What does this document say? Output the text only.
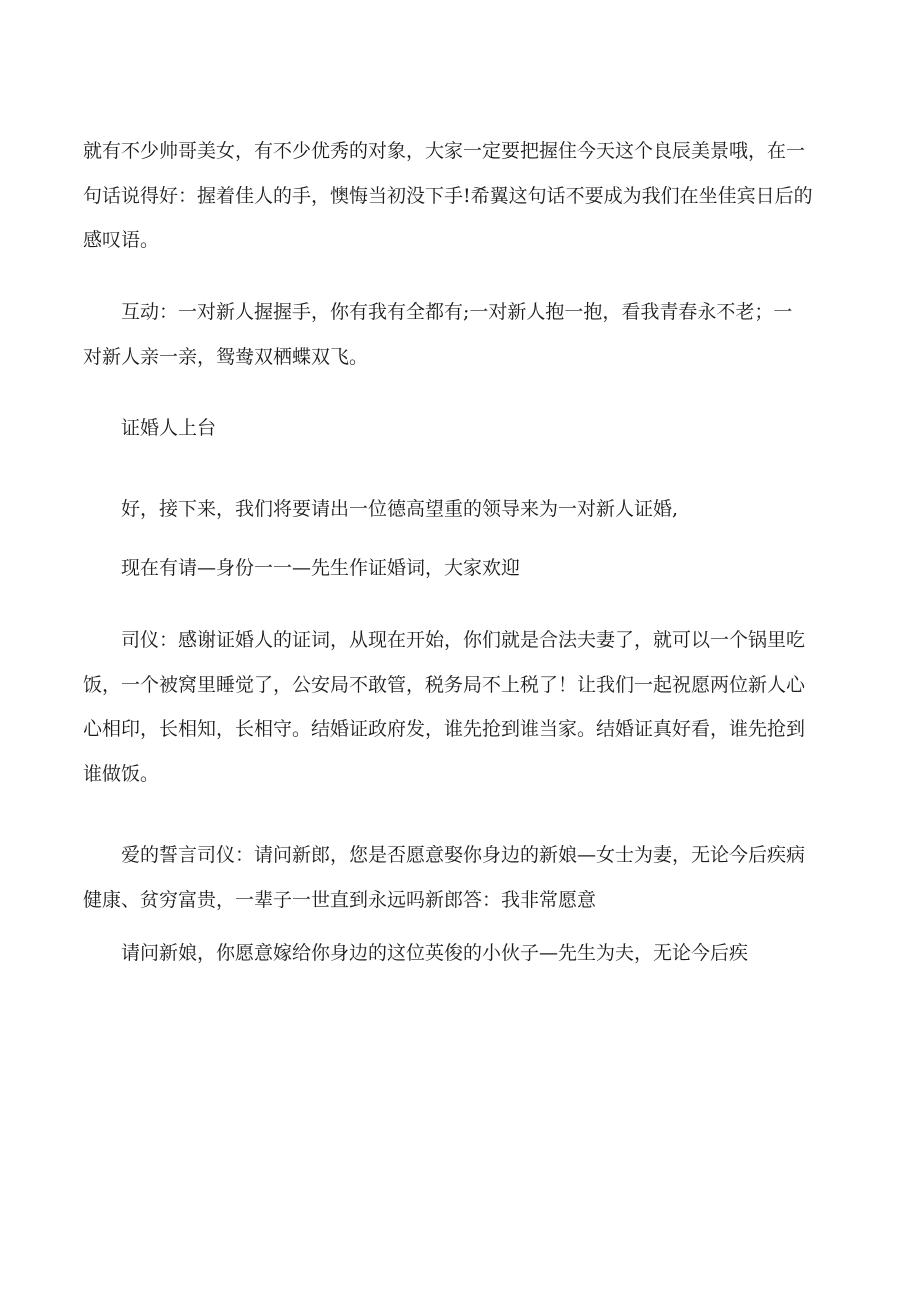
就有不少帅哥美女，有不少优秀的对象，大家一定要把握住今天这个良辰美景哦，在一
句话说得好：握着佳人的手，懊悔当初没下手!希翼这句话不要成为我们在坐佳宾日后的
感叹语。

　　互动：一对新人握握手，你有我有全都有;一对新人抱一抱，看我青春永不老；一
对新人亲一亲，鸳鸯双栖蝶双飞。

　　证婚人上台

　　好，接下来，我们将要请出一位德高望重的领导来为一对新人证婚,

　　现在有请—身份一一—先生作证婚词，大家欢迎

　　司仪：感谢证婚人的证词，从现在开始，你们就是合法夫妻了，就可以一个锅里吃
饭，一个被窝里睡觉了，公安局不敢管，税务局不上税了！让我们一起祝愿两位新人心
心相印，长相知，长相守。结婚证政府发，谁先抢到谁当家。结婚证真好看，谁先抢到
谁做饭。

　　爱的誓言司仪：请问新郎，您是否愿意娶你身边的新娘—女士为妻，无论今后疾病
健康、贫穷富贵，一辈子一世直到永远吗新郎答：我非常愿意

　　请问新娘，你愿意嫁给你身边的这位英俊的小伙子—先生为夫，无论今后疾
